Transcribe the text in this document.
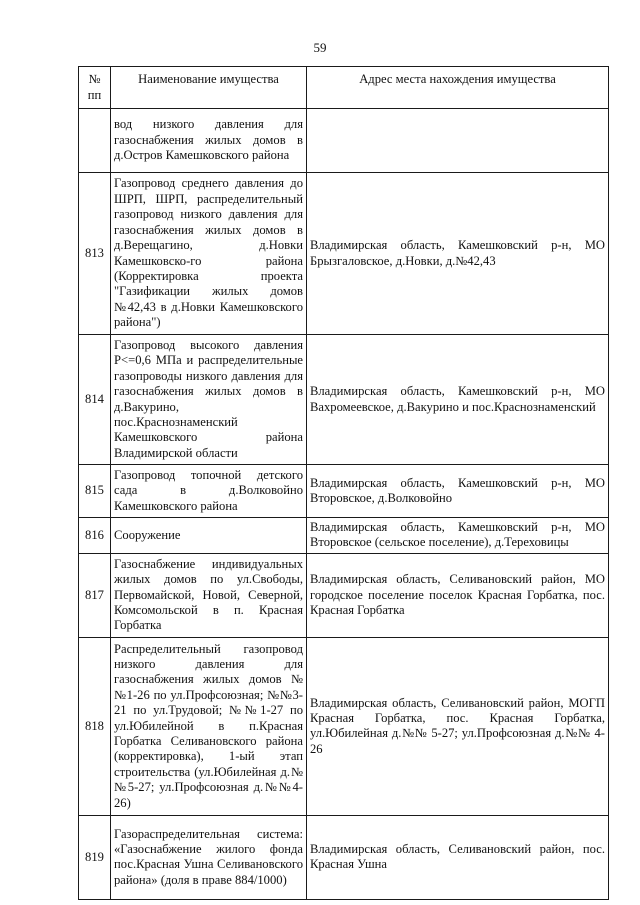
59
№
пп	Наименование имущества	Адрес места нахождения имущества
	вод низкого давления для газоснабжения жилых домов в д.Остров Камешковского района	
813	Газопровод среднего давления до ШРП, ШРП, распределительный газопровод низкого давления для газоснабжения жилых домов в д.Верещагино, д.Новки Камешковско-го района (Корректировка проекта "Газификации жилых домов №42,43 в д.Новки Камешковского района")	Владимирская область, Камешковский р-н, МО Брызгаловское, д.Новки, д.№42,43
814	Газопровод высокого давления P<=0,6 МПа и распределительные газопроводы низкого давления для газоснабжения жилых домов в д.Вакурино, пос.Краснознаменский Камешковского района Владимирской области	Владимирская область, Камешковский р-н, МО Вахромеевское, д.Вакурино и пос.Краснознаменский
815	Газопровод топочной детского сада в д.Волковойно Камешковского района	Владимирская область, Камешковский р-н, МО Второвское, д.Волковойно
816	Сооружение	Владимирская область, Камешковский р-н, МО Второвское (сельское поселение), д.Тереховицы
817	Газоснабжение индивидуальных жилых домов по ул.Свободы, Первомайской, Новой, Северной, Комсомольской в п. Красная Горбатка	Владимирская область, Селивановский район, МО городское поселение поселок Красная Горбатка, пос. Красная Горбатка
818	Распределительный газопровод низкого давления для газоснабжения жилых домов №№1-26 по ул.Профсоюзная; №№3-21 по ул.Трудовой; №№1-27 по ул.Юбилейной в п.Красная Горбатка Селивановского района (корректировка), 1-ый этап строительства (ул.Юбилейная д.№№5-27; ул.Профсоюзная д.№№4-26)	Владимирская область, Селивановский район, МОГП Красная Горбатка, пос. Красная Горбатка, ул.Юбилейная д.№№ 5-27; ул.Профсоюзная д.№№ 4-26
819	Газораспределительная система: «Газоснабжение жилого фонда пос.Красная Ушна Селивановского района» (доля в праве 884/1000)	Владимирская область, Селивановский район, пос. Красная Ушна
